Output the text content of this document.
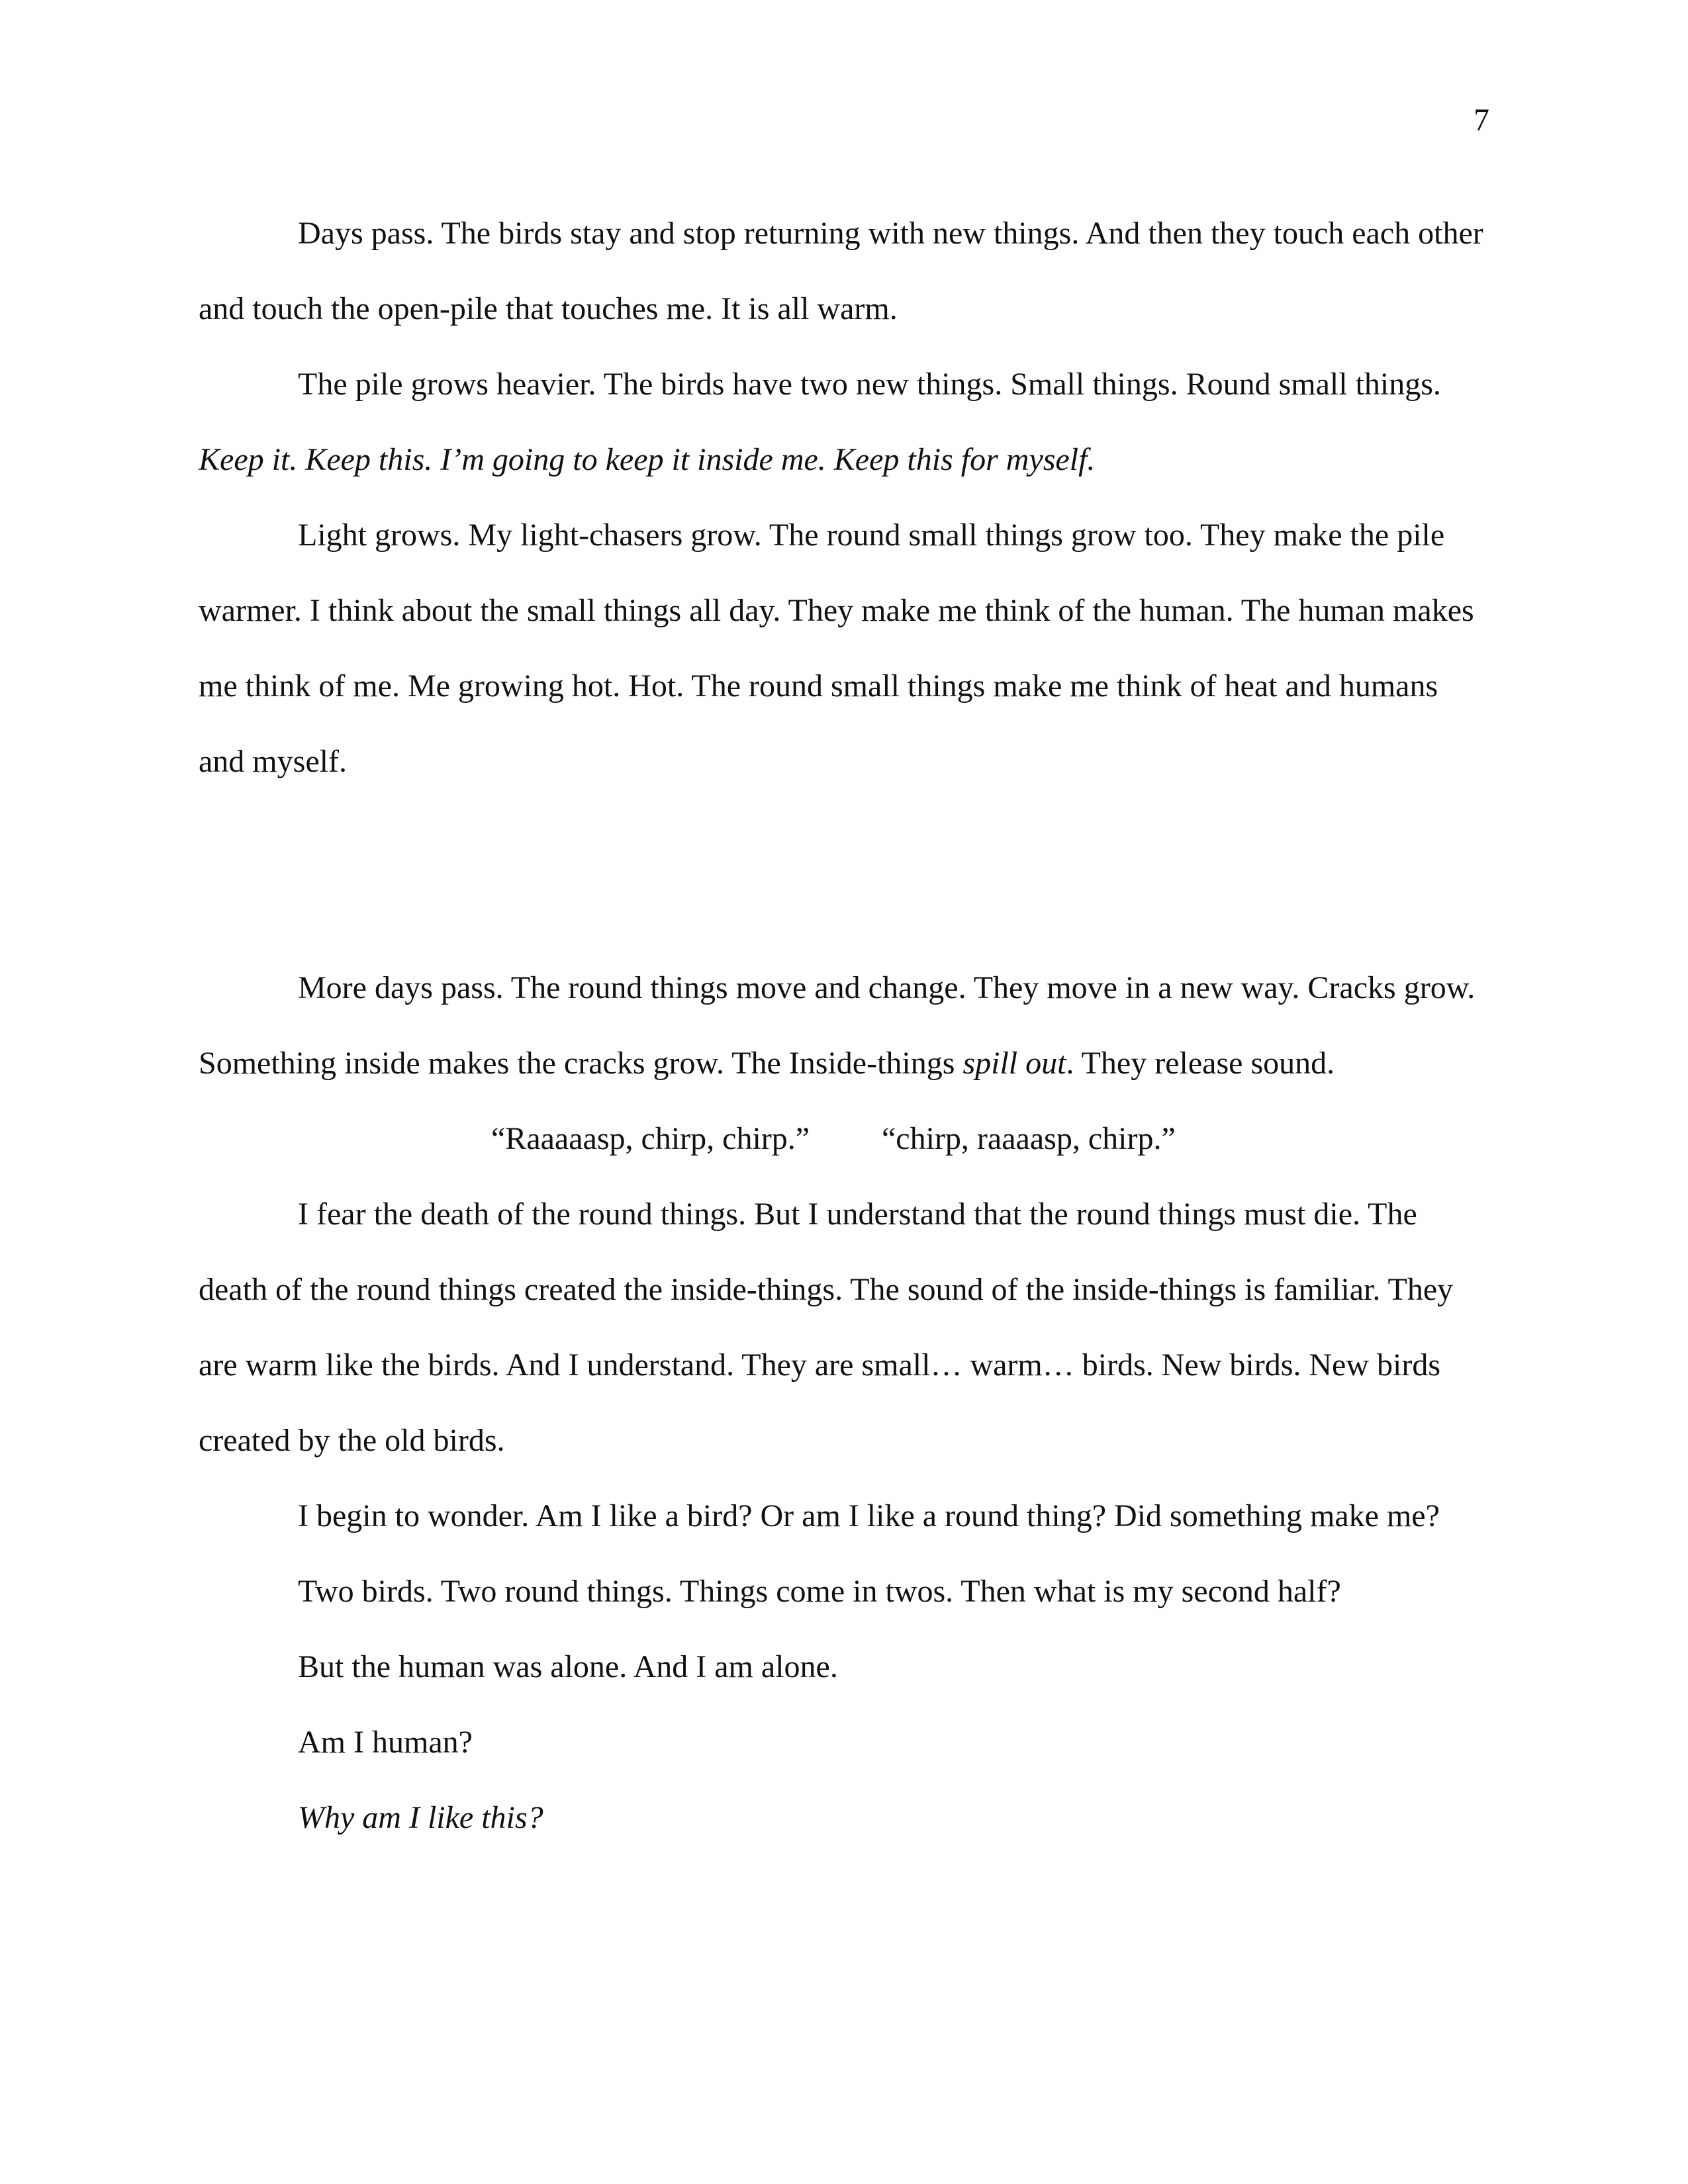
7

Days pass. The birds stay and stop returning with new things. And then they touch each other and touch the open-pile that touches me. It is all warm.

The pile grows heavier. The birds have two new things. Small things. Round small things. Keep it. Keep this. I’m going to keep it inside me. Keep this for myself.

Light grows. My light-chasers grow. The round small things grow too. They make the pile warmer. I think about the small things all day. They make me think of the human. The human makes me think of me. Me growing hot. Hot. The round small things make me think of heat and humans and myself.

More days pass. The round things move and change. They move in a new way. Cracks grow. Something inside makes the cracks grow. The Inside-things spill out. They release sound.

“Raaaaasp, chirp, chirp.” “chirp, raaaasp, chirp.”

I fear the death of the round things. But I understand that the round things must die. The death of the round things created the inside-things. The sound of the inside-things is familiar. They are warm like the birds. And I understand. They are small… warm… birds. New birds. New birds created by the old birds.

I begin to wonder. Am I like a bird? Or am I like a round thing? Did something make me?

Two birds. Two round things. Things come in twos. Then what is my second half?

But the human was alone. And I am alone.

Am I human?

Why am I like this?
